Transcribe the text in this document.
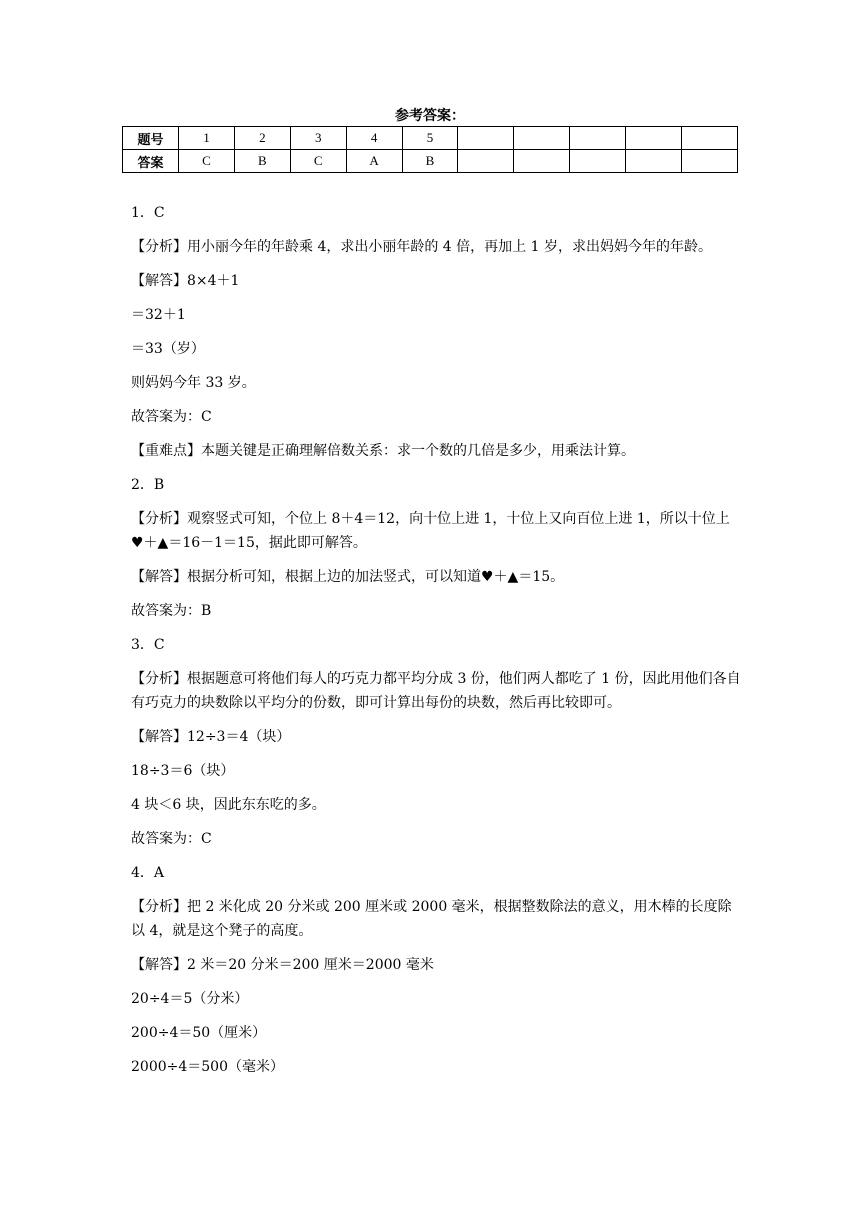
参考答案：
题号	1	2	3	4	5					
答案	C	B	C	A	B					
1．C
【分析】用小丽今年的年龄乘 4，求出小丽年龄的 4 倍，再加上 1 岁，求出妈妈今年的年龄。
【解答】8×4＋1
＝32＋1
＝33（岁）
则妈妈今年 33 岁。
故答案为：C
【重难点】本题关键是正确理解倍数关系：求一个数的几倍是多少，用乘法计算。
2．B
【分析】观察竖式可知，个位上 8＋4＝12，向十位上进 1，十位上又向百位上进 1，所以十位上♥＋▲＝16－1＝15，据此即可解答。
【解答】根据分析可知，根据上边的加法竖式，可以知道♥＋▲＝15。
故答案为：B
3．C
【分析】根据题意可将他们每人的巧克力都平均分成 3 份，他们两人都吃了 1 份，因此用他们各自有巧克力的块数除以平均分的份数，即可计算出每份的块数，然后再比较即可。
【解答】12÷3＝4（块）
18÷3＝6（块）
4 块＜6 块，因此东东吃的多。
故答案为：C
4．A
【分析】把 2 米化成 20 分米或 200 厘米或 2000 毫米，根据整数除法的意义，用木棒的长度除以 4，就是这个凳子的高度。
【解答】2 米＝20 分米＝200 厘米＝2000 毫米
20÷4＝5（分米）
200÷4＝50（厘米）
2000÷4＝500（毫米）
